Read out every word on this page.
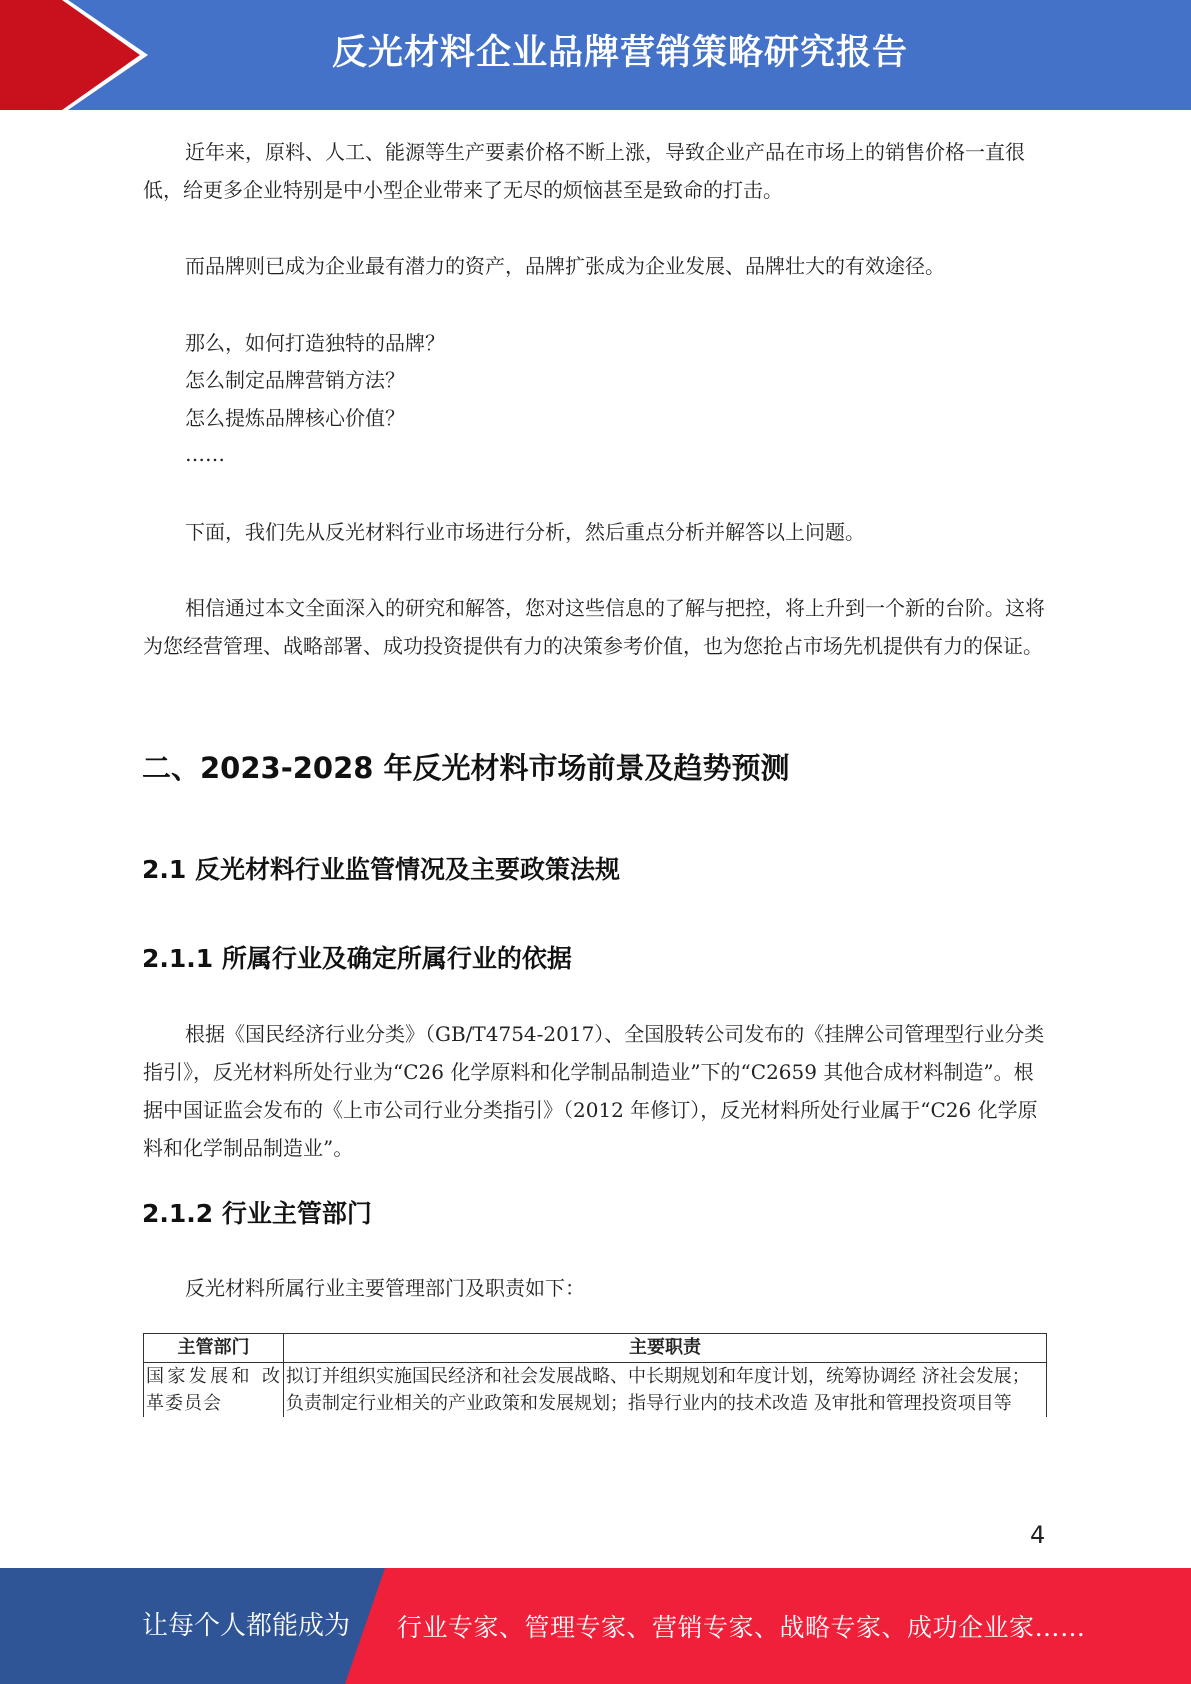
反光材料企业品牌营销策略研究报告
近年来，原料、人工、能源等生产要素价格不断上涨，导致企业产品在市场上的销售价格一直很低，给更多企业特别是中小型企业带来了无尽的烦恼甚至是致命的打击。
而品牌则已成为企业最有潜力的资产，品牌扩张成为企业发展、品牌壮大的有效途径。
那么，如何打造独特的品牌？
怎么制定品牌营销方法？
怎么提炼品牌核心价值？
……
下面，我们先从反光材料行业市场进行分析，然后重点分析并解答以上问题。
相信通过本文全面深入的研究和解答，您对这些信息的了解与把控，将上升到一个新的台阶。这将为您经营管理、战略部署、成功投资提供有力的决策参考价值，也为您抢占市场先机提供有力的保证。
二、2023-2028 年反光材料市场前景及趋势预测
2.1 反光材料行业监管情况及主要政策法规
2.1.1 所属行业及确定所属行业的依据
根据《国民经济行业分类》（GB/T4754-2017）、全国股转公司发布的《挂牌公司管理型行业分类指引》，反光材料所处行业为“C26 化学原料和化学制品制造业”下的“C2659 其他合成材料制造”。根据中国证监会发布的《上市公司行业分类指引》（2012 年修订），反光材料所处行业属于“C26 化学原料和化学制品制造业”。
2.1.2 行业主管部门
反光材料所属行业主要管理部门及职责如下：
主管部门	主要职责
国家发展和 改革委员会	拟订并组织实施国民经济和社会发展战略、中长期规划和年度计划，统筹协调经 济社会发展；负责制定行业相关的产业政策和发展规划；指导行业内的技术改造 及审批和管理投资项目等
4
让每个人都能成为 行业专家、管理专家、营销专家、战略专家、成功企业家……
